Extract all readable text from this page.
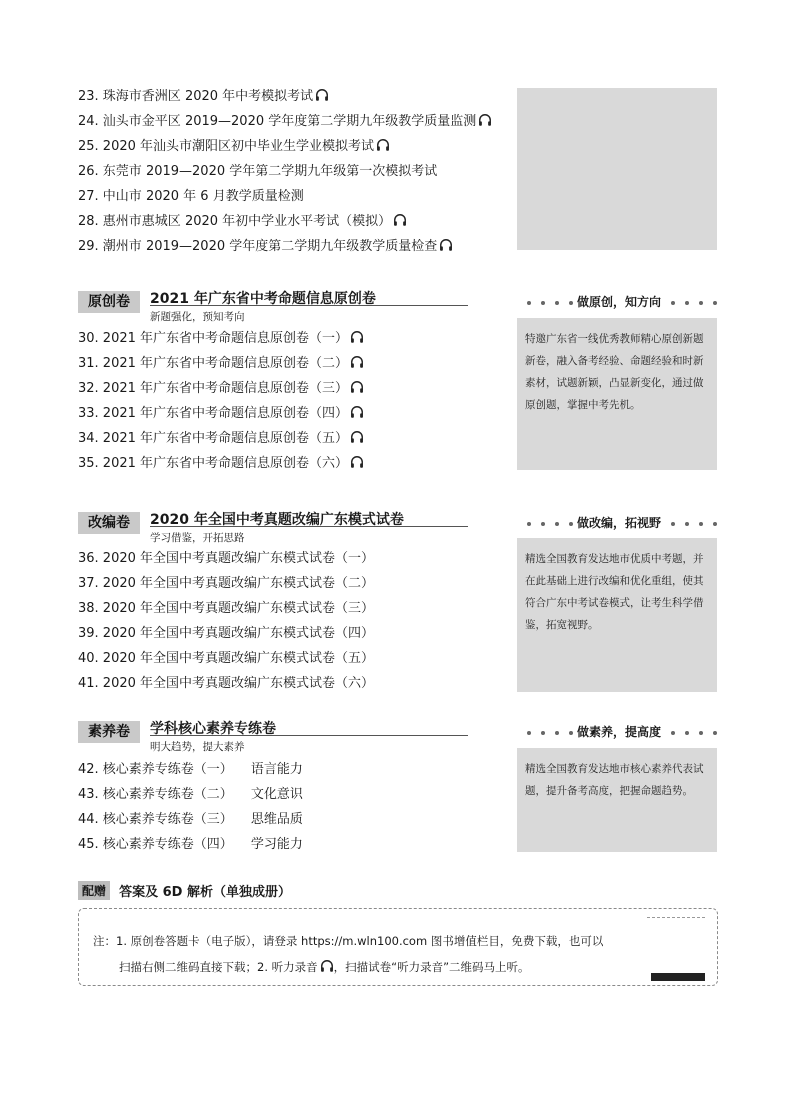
23. 珠海市香洲区 2020 年中考模拟考试
24. 汕头市金平区 2019—2020 学年度第二学期九年级教学质量监测
25. 2020 年汕头市潮阳区初中毕业生学业模拟考试
26. 东莞市 2019—2020 学年第二学期九年级第一次模拟考试
27. 中山市 2020 年 6 月教学质量检测
28. 惠州市惠城区 2020 年初中学业水平考试（模拟）
29. 潮州市 2019—2020 学年度第二学期九年级教学质量检查
原创卷	2021 年广东省中考命题信息原创卷
新题强化，预知考向
做原创，知方向
30. 2021 年广东省中考命题信息原创卷（一）
31. 2021 年广东省中考命题信息原创卷（二）
32. 2021 年广东省中考命题信息原创卷（三）
33. 2021 年广东省中考命题信息原创卷（四）
34. 2021 年广东省中考命题信息原创卷（五）
35. 2021 年广东省中考命题信息原创卷（六）
特邀广东省一线优秀教师精心原创新题新卷，融入备考经验、命题经验和时新素材，试题新颖，凸显新变化，通过做原创题，掌握中考先机。
改编卷	2020 年全国中考真题改编广东模式试卷
学习借鉴，开拓思路
做改编，拓视野
36. 2020 年全国中考真题改编广东模式试卷（一）
37. 2020 年全国中考真题改编广东模式试卷（二）
38. 2020 年全国中考真题改编广东模式试卷（三）
39. 2020 年全国中考真题改编广东模式试卷（四）
40. 2020 年全国中考真题改编广东模式试卷（五）
41. 2020 年全国中考真题改编广东模式试卷（六）
精选全国教育发达地市优质中考题，并在此基础上进行改编和优化重组，使其符合广东中考试卷模式，让考生科学借鉴，拓宽视野。
素养卷	学科核心素养专练卷
明大趋势，提大素养
做素养，提高度
42. 核心素养专练卷（一） 语言能力
43. 核心素养专练卷（二） 文化意识
44. 核心素养专练卷（三） 思维品质
45. 核心素养专练卷（四） 学习能力
精选全国教育发达地市核心素养代表试题，提升备考高度，把握命题趋势。
配赠 答案及 6D 解析（单独成册）
注：1. 原创卷答题卡（电子版），请登录 https://m.wln100.com 图书增值栏目，免费下载，也可以
扫描右侧二维码直接下载；2. 听力录音 ，扫描试卷“听力录音”二维码马上听。
